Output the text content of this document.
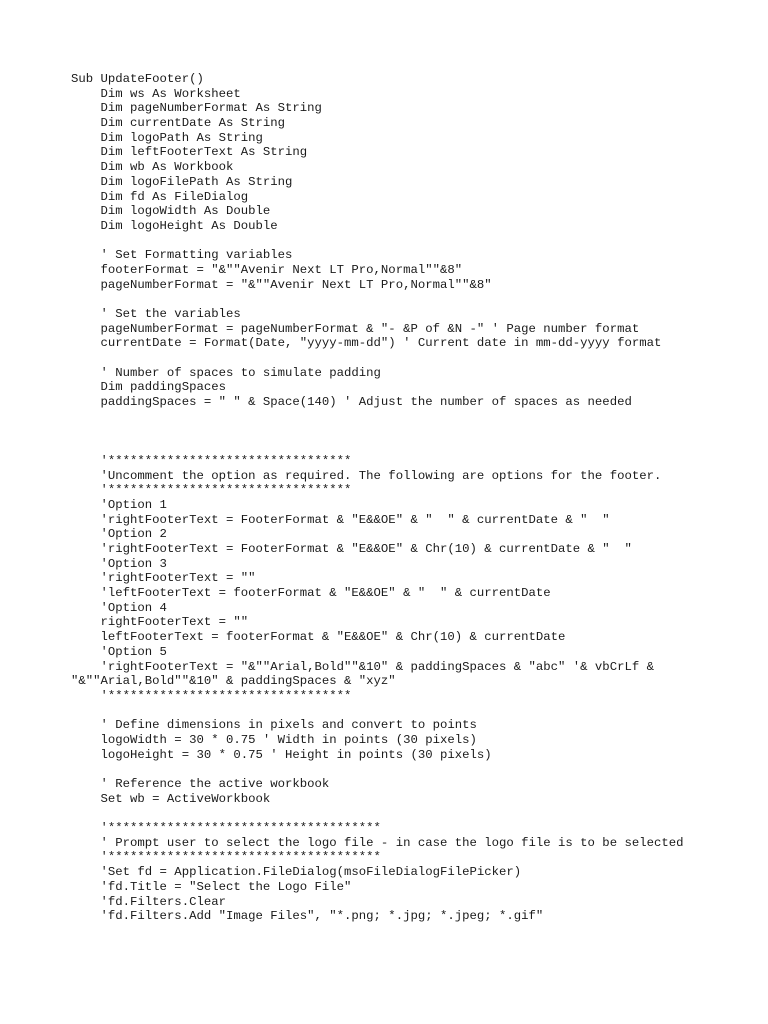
Sub UpdateFooter()
Dim ws As Worksheet
Dim pageNumberFormat As String
Dim currentDate As String
Dim logoPath As String
Dim leftFooterText As String
Dim wb As Workbook
Dim logoFilePath As String
Dim fd As FileDialog
Dim logoWidth As Double
Dim logoHeight As Double
' Set Formatting variables
footerFormat = "&""Avenir Next LT Pro,Normal""&8"
pageNumberFormat = "&""Avenir Next LT Pro,Normal""&8"
' Set the variables
pageNumberFormat = pageNumberFormat & "- &P of &N -" ' Page number format
currentDate = Format(Date, "yyyy-mm-dd") ' Current date in mm-dd-yyyy format
' Number of spaces to simulate padding
Dim paddingSpaces
paddingSpaces = " " & Space(140) ' Adjust the number of spaces as needed
'*********************************
'Uncomment the option as required. The following are options for the footer.
'*********************************
'Option 1
'rightFooterText = FooterFormat & "E&&OE" & "  " & currentDate & "  "
'Option 2
'rightFooterText = FooterFormat & "E&&OE" & Chr(10) & currentDate & "  "
'Option 3
'rightFooterText = ""
'leftFooterText = footerFormat & "E&&OE" & "  " & currentDate
'Option 4
rightFooterText = ""
leftFooterText = footerFormat & "E&&OE" & Chr(10) & currentDate
'Option 5
'rightFooterText = "&""Arial,Bold""&10" & paddingSpaces & "abc" '& vbCrLf &
"&""Arial,Bold""&10" & paddingSpaces & "xyz"
'*********************************
' Define dimensions in pixels and convert to points
logoWidth = 30 * 0.75 ' Width in points (30 pixels)
logoHeight = 30 * 0.75 ' Height in points (30 pixels)
' Reference the active workbook
Set wb = ActiveWorkbook
'*************************************
' Prompt user to select the logo file - in case the logo file is to be selected
'*************************************
'Set fd = Application.FileDialog(msoFileDialogFilePicker)
'fd.Title = "Select the Logo File"
'fd.Filters.Clear
'fd.Filters.Add "Image Files", "*.png; *.jpg; *.jpeg; *.gif"
